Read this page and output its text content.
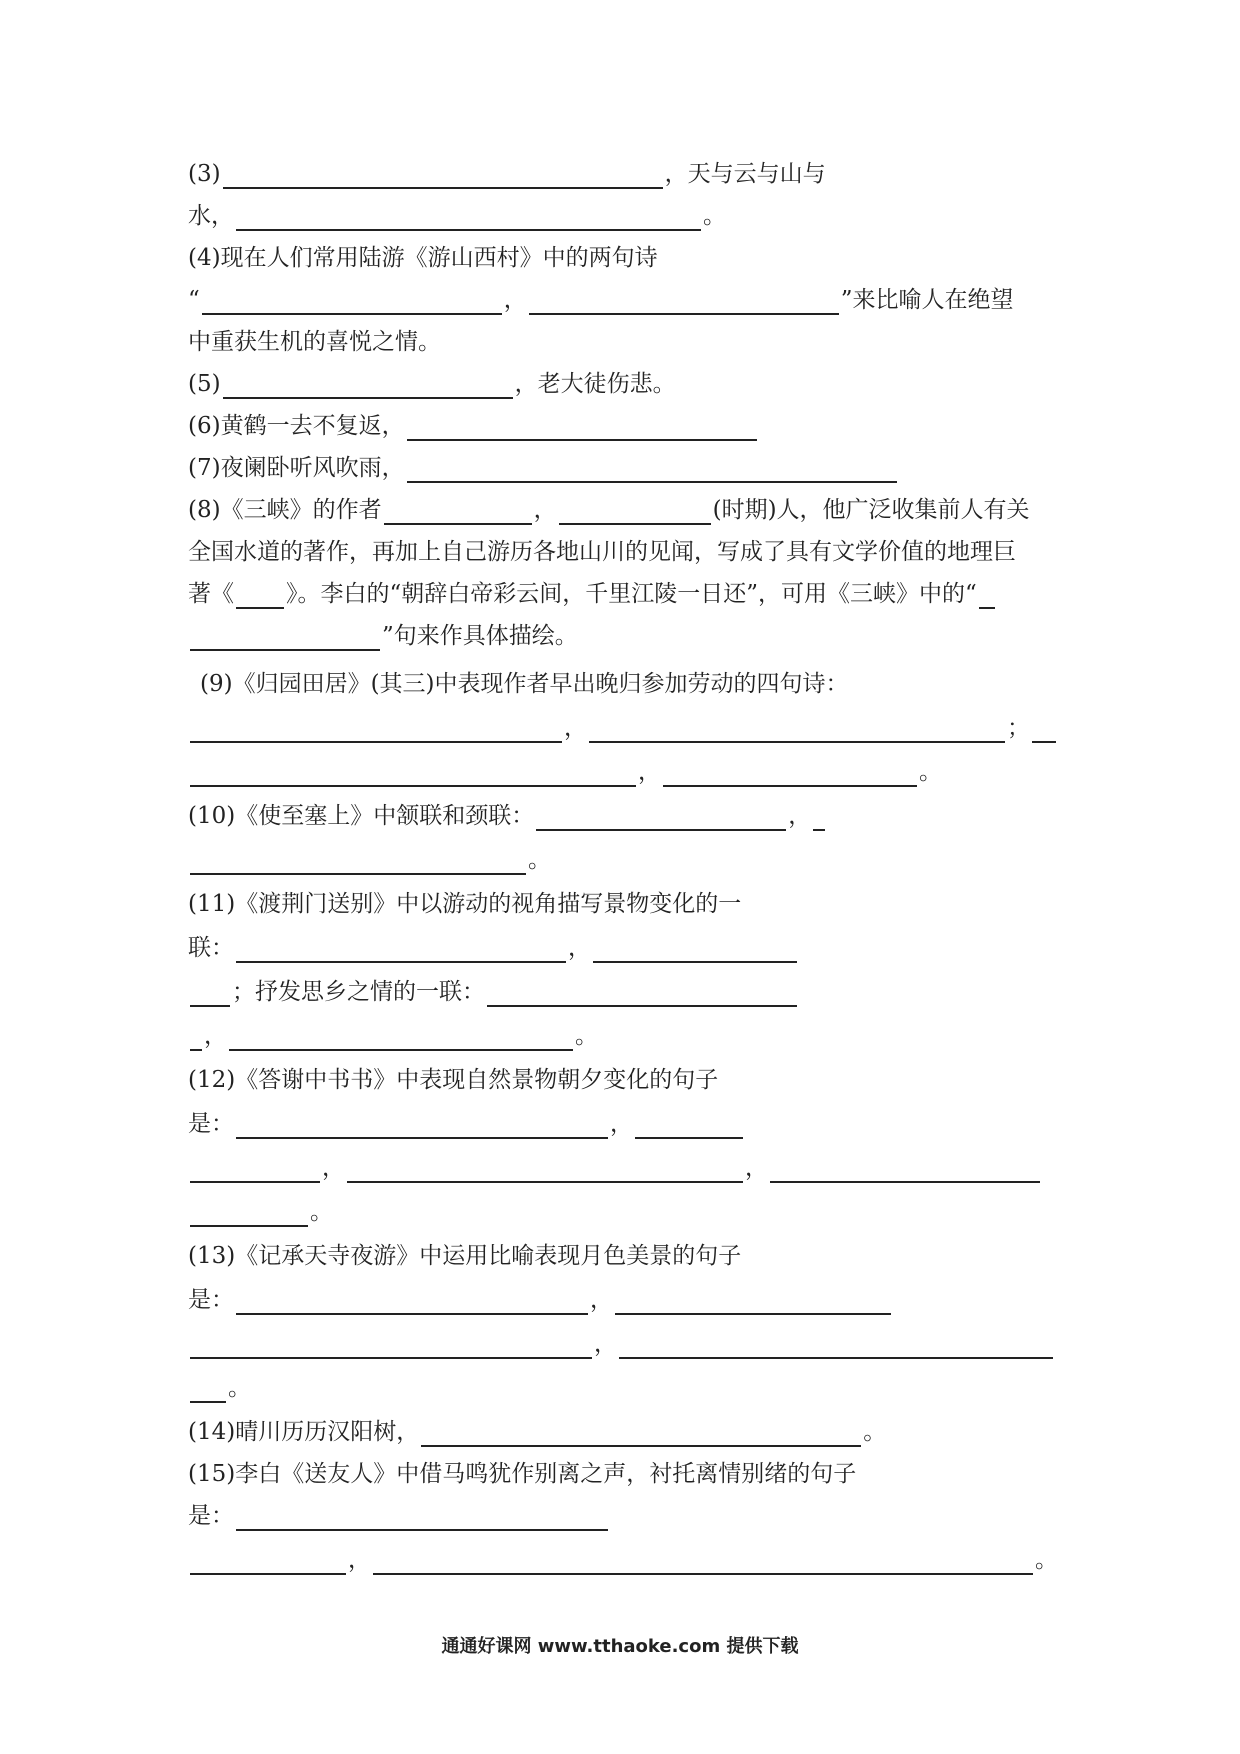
(3)	，天与云与山与
水，	。
(4)现在人们常用陆游《游山西村》中的两句诗
“	，	”来比喻人在绝望
中重获生机的喜悦之情。
(5)	，老大徒伤悲。
(6)黄鹤一去不复返，
(7)夜阑卧听风吹雨，
(8)《三峡》的作者	，	(时期)人，他广泛收集前人有关
全国水道的著作，再加上自己游历各地山川的见闻，写成了具有文学价值的地理巨
著《 》。李白的“朝辞白帝彩云间，千里江陵一日还”，可用《三峡》中的“
”句来作具体描绘。
(9)《归园田居》(其三)中表现作者早出晚归参加劳动的四句诗：
，	；
，	。
(10)《使至塞上》中颔联和颈联：	，
。
(11)《渡荆门送别》中以游动的视角描写景物变化的一
联：	，
；抒发思乡之情的一联：
，	。
(12)《答谢中书书》中表现自然景物朝夕变化的句子
是：	，
，	，
。
(13)《记承天寺夜游》中运用比喻表现月色美景的句子
是：	，
，
。
(14)晴川历历汉阳树，	。
(15)李白《送友人》中借马鸣犹作别离之声，衬托离情别绪的句子
是：
，	。
通通好课网 www.tthaoke.com 提供下载
